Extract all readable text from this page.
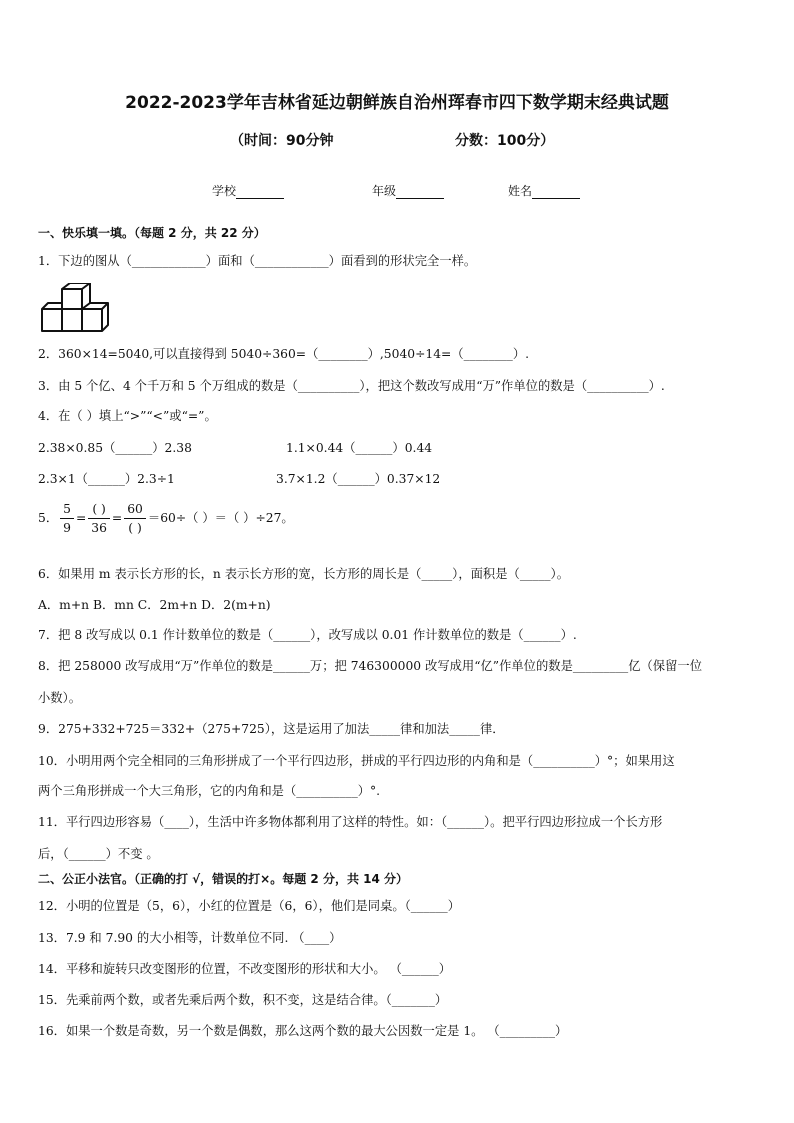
2022-2023学年吉林省延边朝鲜族自治州珲春市四下数学期末经典试题
（时间：90分钟	分数：100分）
学校	年级	姓名
一、快乐填一填。（每题 2 分，共 22 分）
1．下边的图从（____________）面和（____________）面看到的形状完全一样。
2．360×14=5040,可以直接得到 5040÷360=（________）,5040÷14=（________）.
3．由 5 个亿、4 个千万和 5 个万组成的数是（__________），把这个数改写成用“万”作单位的数是（__________）.
4．在（ ）填上“>”“<”或“=”。
2.38×0.85（______）2.38	1.1×0.44（______）0.44
2.3×1（______）2.3÷1	3.7×1.2（______）0.37×12
5． $\frac{5}{9} = \frac{( )}{36} = \frac{60}{( )} =60\div$（ ）＝（ ）÷27。
6．如果用 m 表示长方形的长，n 表示长方形的宽，长方形的周长是（_____），面积是（_____）。
A．m+n B．mn C．2m+n D．2(m+n)
7．把 8 改写成以 0.1 作计数单位的数是（______），改写成以 0.01 作计数单位的数是（______）.
8．把 258000 改写成用“万”作单位的数是______万；把 746300000 改写成用“亿”作单位的数是_________亿（保留一位
小数）。
9．275+332+725＝332+（275+725），这是运用了加法_____律和加法_____律．
10．小明用两个完全相同的三角形拼成了一个平行四边形，拼成的平行四边形的内角和是（__________）°；如果用这
两个三角形拼成一个大三角形，它的内角和是（__________）°.
11．平行四边形容易（____），生活中许多物体都利用了这样的特性。如：（______）。把平行四边形拉成一个长方形
后，（______）不变 。
二、公正小法官。（正确的打 √，错误的打×。每题 2 分，共 14 分）
12．小明的位置是（5，6），小红的位置是（6，6），他们是同桌。（______）
13．7.9 和 7.90 的大小相等，计数单位不同. （____）
14．平移和旋转只改变图形的位置，不改变图形的形状和大小。 （______）
15．先乘前两个数，或者先乘后两个数，积不变，这是结合律。（_______）
16．如果一个数是奇数，另一个数是偶数，那么这两个数的最大公因数一定是 1。 （_________）
